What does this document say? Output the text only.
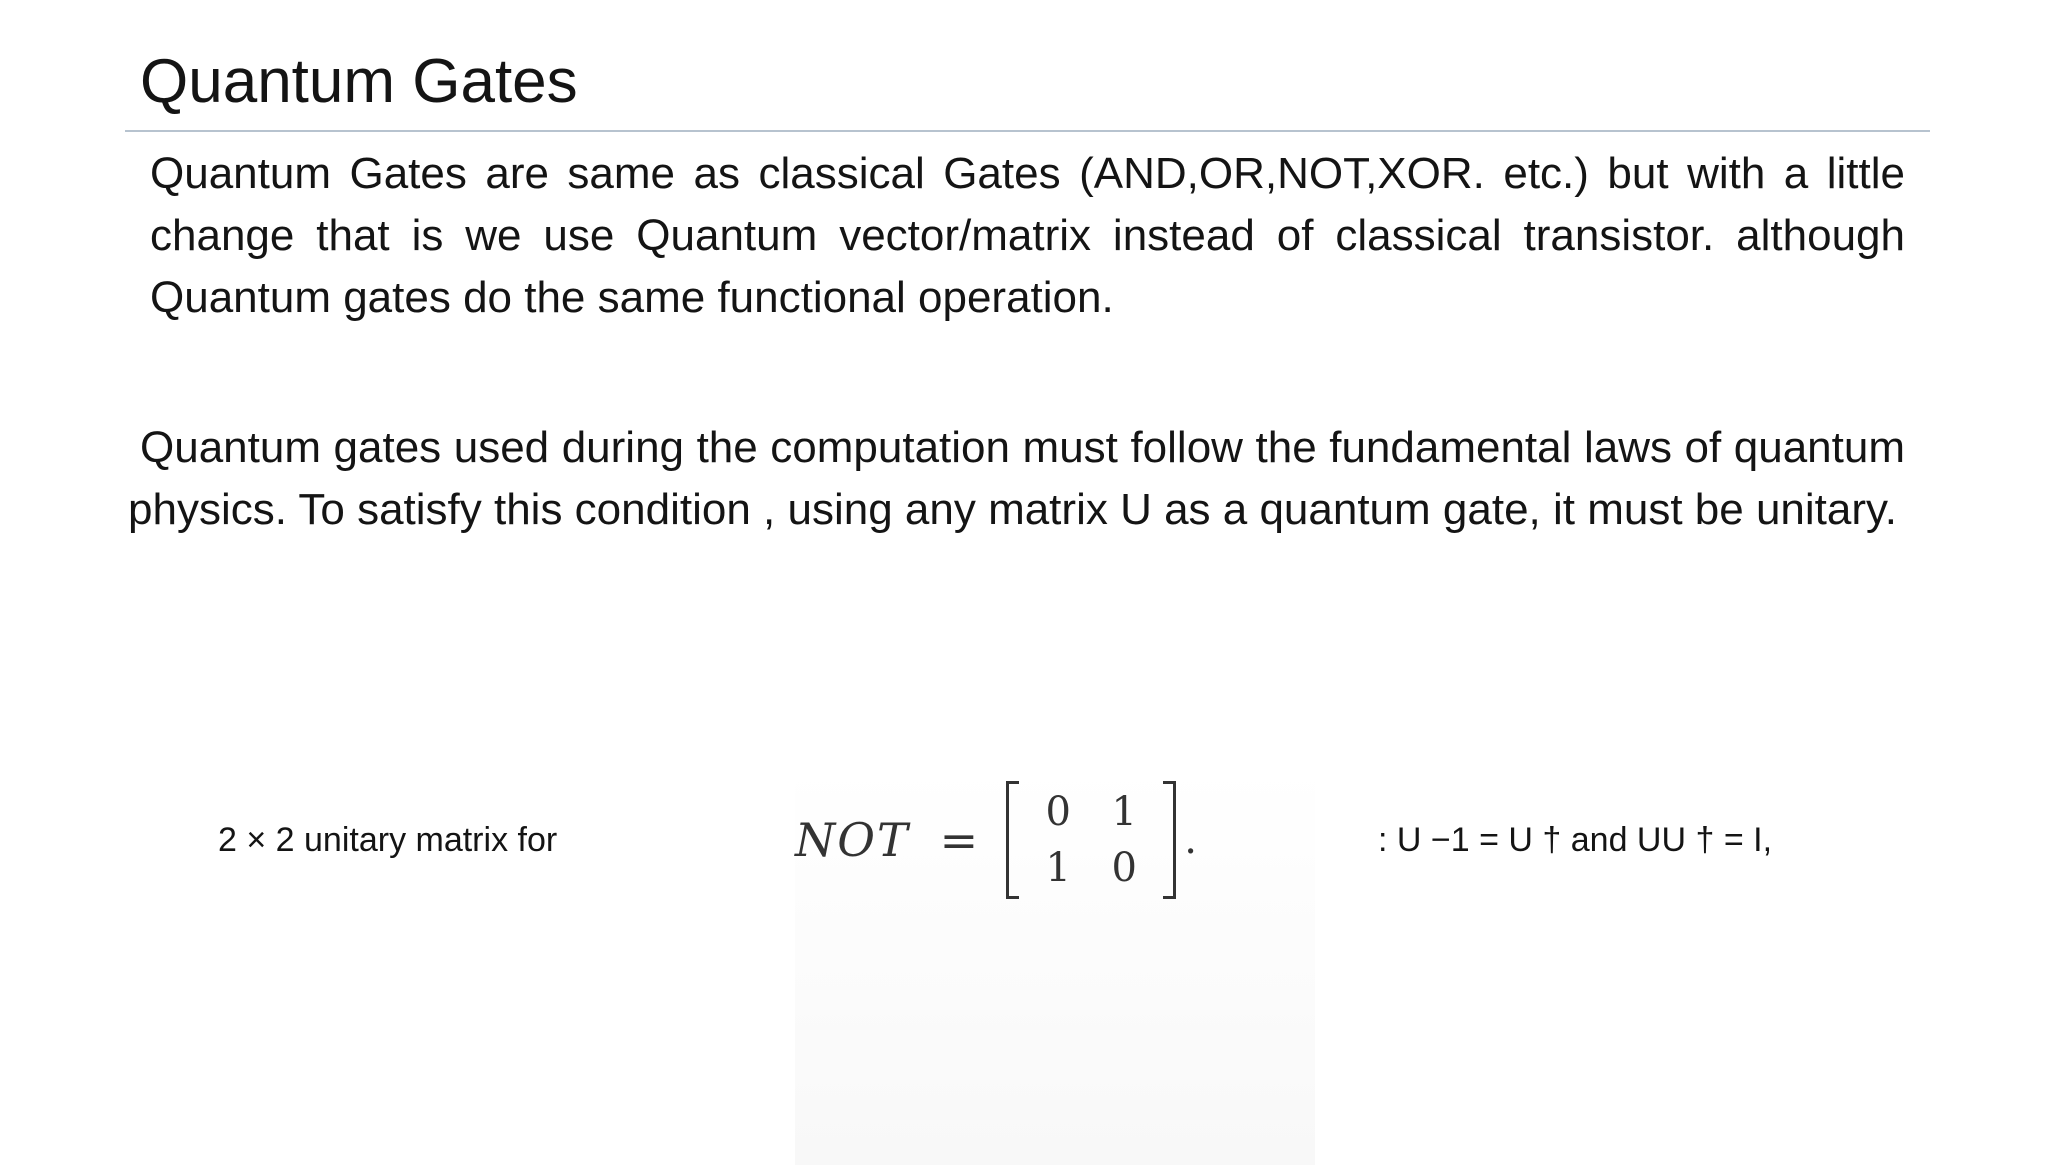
Quantum Gates
Quantum Gates are same as classical Gates (AND,OR,NOT,XOR. etc.) but with a little change that is we use Quantum vector/matrix instead of classical transistor. although Quantum gates do the same functional operation.
Quantum gates used during the computation must follow the fundamental laws of quantum physics. To satisfy this condition , using any matrix U as a quantum gate, it must be unitary.
2 × 2 unitary matrix for	NOT =
0	1
1	0
.	: U −1 = U † and UU † = I,
